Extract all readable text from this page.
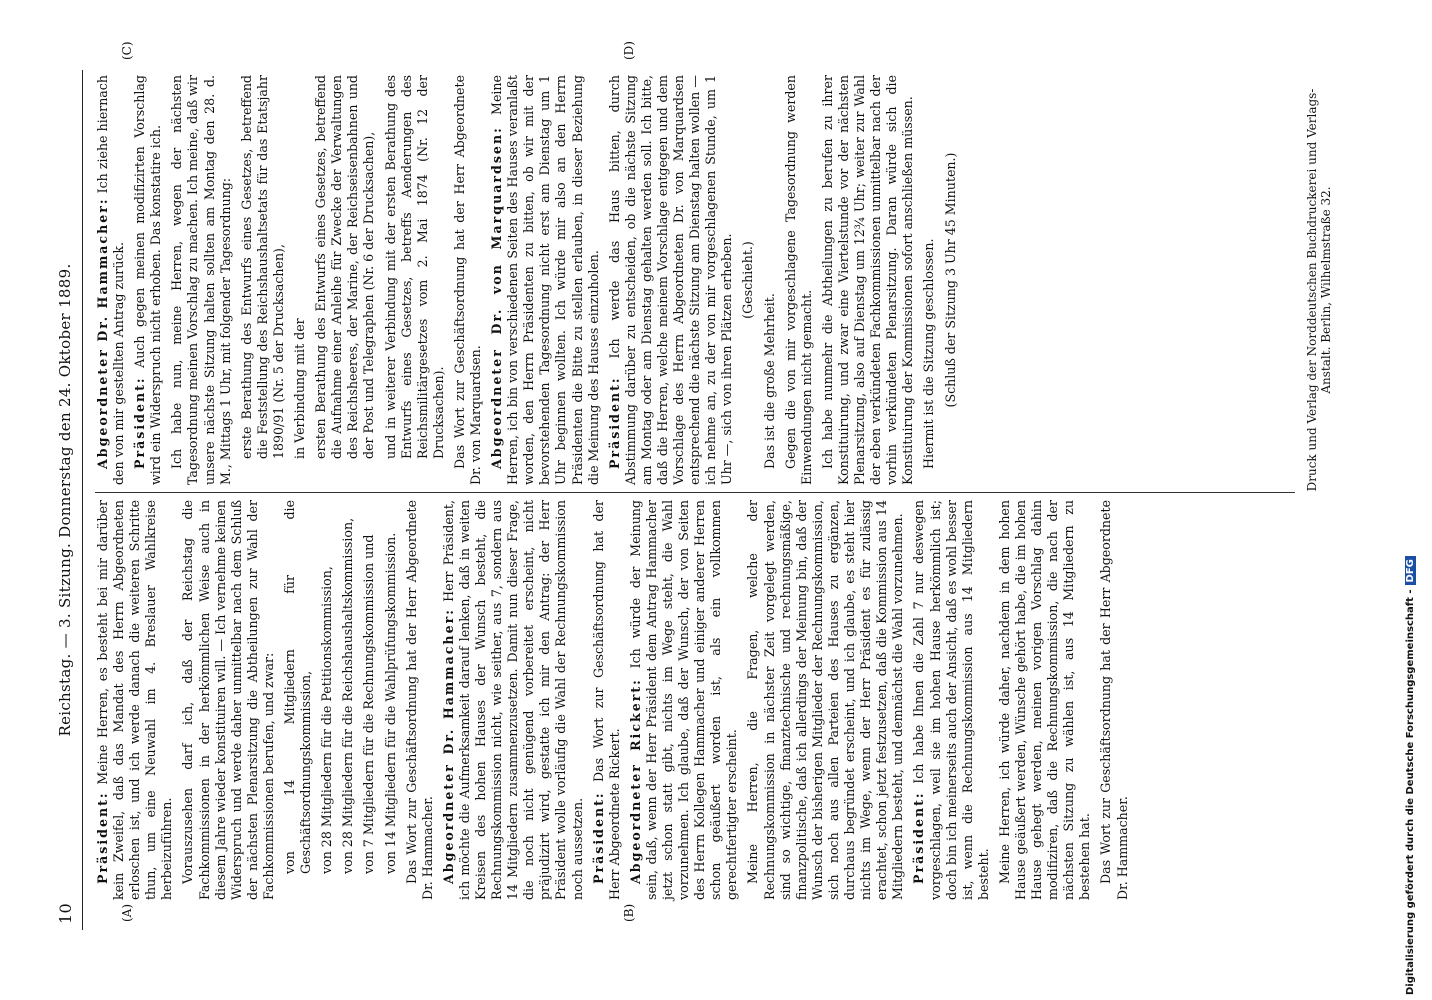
10
Reichstag. — 3. Sitzung. Donnerstag den 24. Oktober 1889.
(A)	(B)
(C)	(D)

Präsident: Meine Herren, es besteht bei mir darüber kein Zweifel, daß das Mandat des Herrn Abgeordneten erloschen ist, und ich werde danach die weiteren Schritte thun, um eine Neuwahl im 4. Breslauer Wahlkreise herbeizuführen. Vorauszusehen darf ich, daß der Reichstag die Fachkommissionen in der herkömmlichen Weise auch in diesem Jahre wieder konstituiren will. — Ich vernehme keinen Widerspruch und werde daher unmittelbar nach dem Schluß der nächsten Plenarsitzung die Abtheilungen zur Wahl der Fachkommissionen berufen, und zwar: von 14 Mitgliedern für die Geschäftsordnungskommission, von 28 Mitgliedern für die Petitionskommission, von 28 Mitgliedern für die Reichshaushaltskommission, von 7 Mitgliedern für die Rechnungskommission und von 14 Mitgliedern für die Wahlprüfungskommission. Das Wort zur Geschäftsordnung hat der Herr Abgeordnete Dr. Hammacher. Abgeordneter Dr. Hammacher: Herr Präsident, ich möchte die Aufmerksamkeit darauf lenken, daß in weiten Kreisen des hohen Hauses der Wunsch besteht, die Rechnungskommission nicht, wie seither, aus 7, sondern aus 14 Mitgliedern zusammenzusetzen. Damit nun dieser Frage, die noch nicht genügend vorbereitet erscheint, nicht präjudizirt wird, gestatte ich mir den Antrag: der Herr Präsident wolle vorläufig die Wahl der Rechnungskommission noch aussetzen. Präsident: Das Wort zur Geschäftsordnung hat der Herr Abgeordnete Rickert. Abgeordneter Rickert: Ich würde der Meinung sein, daß, wenn der Herr Präsident dem Antrag Hammacher jetzt schon statt gibt, nichts im Wege steht, die Wahl vorzunehmen. Ich glaube, daß der Wunsch, der von Seiten des Herrn Kollegen Hammacher und einiger anderer Herren schon geäußert worden ist, als ein vollkommen gerechtfertigter erscheint. Meine Herren, die Fragen, welche der Rechnungskommission in nächster Zeit vorgelegt werden, sind so wichtige, finanztechnische und rechnungsmäßige, finanzpolitische, daß ich allerdings der Meinung bin, daß der Wunsch der bisherigen Mitglieder der Rechnungskommission, sich noch aus allen Parteien des Hauses zu ergänzen, durchaus begründet erscheint, und ich glaube, es steht hier nichts im Wege, wenn der Herr Präsident es für zulässig erachtet, schon jetzt festzusetzen, daß die Kommission aus 14 Mitgliedern besteht, und demnächst die Wahl vorzunehmen. Präsident: Ich habe Ihnen die Zahl 7 nur deswegen vorgeschlagen, weil sie im hohen Hause herkömmlich ist; doch bin ich meinerseits auch der Ansicht, daß es wohl besser ist, wenn die Rechnungskommission aus 14 Mitgliedern besteht. Meine Herren, ich würde daher, nachdem in dem hohen Hause geäußert werden, Wünsche gehört habe, die im hohen Hause gehegt werden, meinen vorigen Vorschlag dahin modifiziren, daß die Rechnungskommission, die nach der nächsten Sitzung zu wählen ist, aus 14 Mitgliedern zu bestehen hat. Das Wort zur Geschäftsordnung hat der Herr Abgeordnete Dr. Hammacher.

Abgeordneter Dr. Hammacher: Ich ziehe hiernach den von mir gestellten Antrag zurück. Präsident: Auch gegen meinen modifizirten Vorschlag wird ein Widerspruch nicht erhoben. Das konstatire ich. Ich habe nun, meine Herren, wegen der nächsten Tagesordnung meinen Vorschlag zu machen. Ich meine, daß wir unsere nächste Sitzung halten sollten am Montag den 28. d. M., Mittags 1 Uhr, mit folgender Tagesordnung: erste Berathung des Entwurfs eines Gesetzes, betreffend die Feststellung des Reichshaushaltsetats für das Etatsjahr 1890/91 (Nr. 5 der Drucksachen), in Verbindung mit der ersten Berathung des Entwurfs eines Gesetzes, betreffend die Aufnahme einer Anleihe für Zwecke der Verwaltungen des Reichsheeres, der Marine, der Reichseisenbahnen und der Post und Telegraphen (Nr. 6 der Drucksachen), und in weiterer Verbindung mit der ersten Berathung des Entwurfs eines Gesetzes, betreffs Aenderungen des Reichsmilitärgesetzes vom 2. Mai 1874 (Nr. 12 der Drucksachen). Das Wort zur Geschäftsordnung hat der Herr Abgeordnete Dr. von Marquardsen. Abgeordneter Dr. von Marquardsen: Meine Herren, ich bin von verschiedenen Seiten des Hauses veranlaßt worden, den Herrn Präsidenten zu bitten, ob wir mit der bevorstehenden Tagesordnung nicht erst am Dienstag um 1 Uhr beginnen wollten. Ich würde mir also an den Herrn Präsidenten die Bitte zu stellen erlauben, in dieser Beziehung die Meinung des Hauses einzuholen. Präsident: Ich werde das Haus bitten, durch Abstimmung darüber zu entscheiden, ob die nächste Sitzung am Montag oder am Dienstag gehalten werden soll. Ich bitte, daß die Herren, welche meinem Vorschlage entgegen und dem Vorschlage des Herrn Abgeordneten Dr. von Marquardsen entsprechend die nächste Sitzung am Dienstag halten wollen — ich nehme an, zu der von mir vorgeschlagenen Stunde, um 1 Uhr —, sich von ihren Plätzen erheben. (Geschieht.)

Das ist die große Mehrheit. Gegen die von mir vorgeschlagene Tagesordnung werden Einwendungen nicht gemacht. Ich habe nunmehr die Abtheilungen zu berufen zu ihrer Konstituirung, und zwar eine Viertelstunde vor der nächsten Plenarsitzung, also auf Dienstag um 12¾ Uhr; weiter zur Wahl der eben verkündeten Fachkommissionen unmittelbar nach der vorhin verkündeten Plenarsitzung. Daran würde sich die Konstituirung der Kommissionen sofort anschließen müssen. Hiermit ist die Sitzung geschlossen. (Schluß der Sitzung 3 Uhr 45 Minuten.)	Druck und Verlag der Norddeutschen Buchdruckerei und Verlags-Anstalt. Berlin, Wilhelmstraße 32.
Digitalisierung gefördert durch die Deutsche Forschungsgemeinschaft -DFG
